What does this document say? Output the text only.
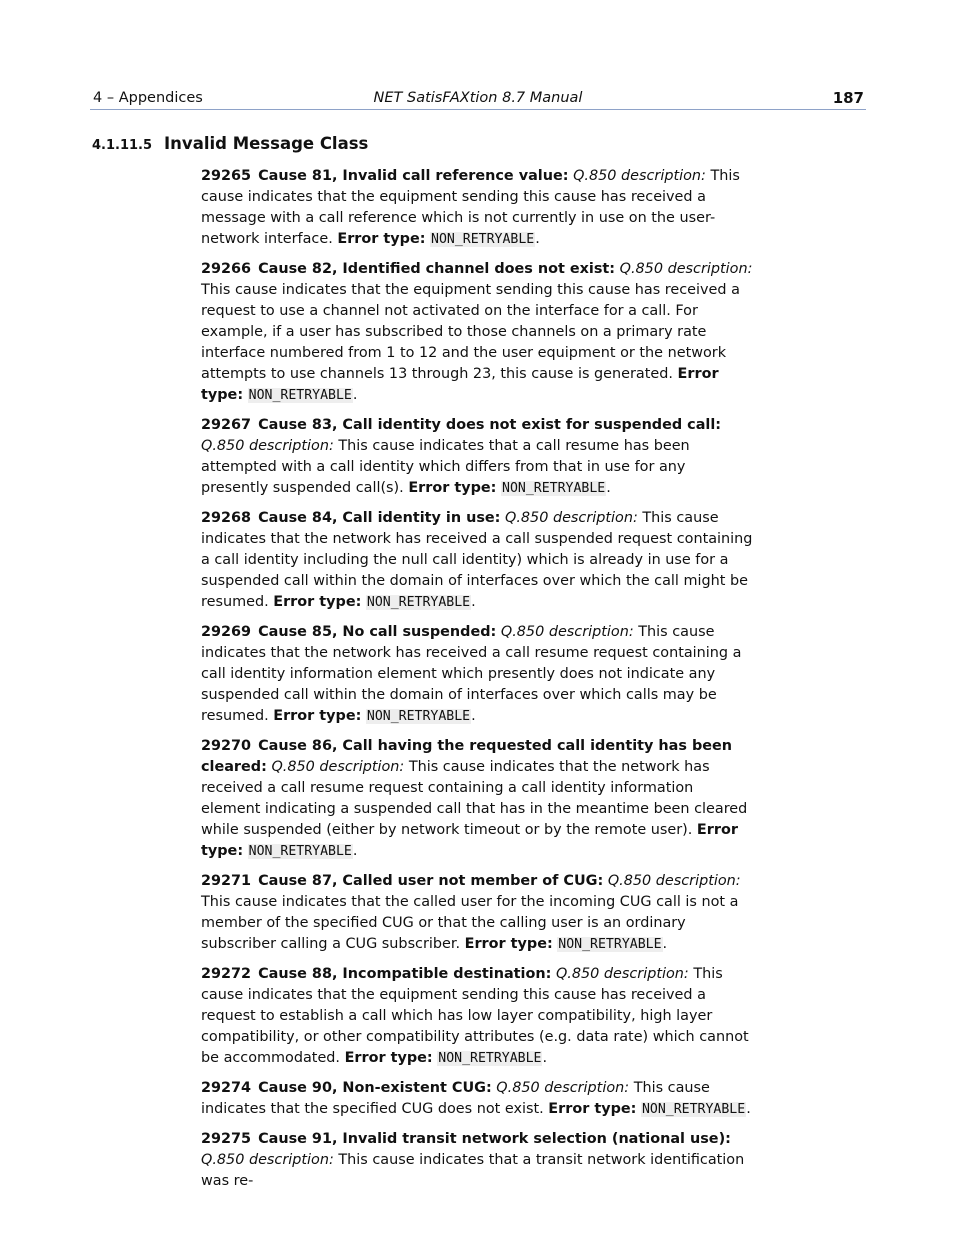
4 – Appendices	NET SatisFAXtion 8.7 Manual	187
4.1.11.5 Invalid Message Class

29265 Cause 81, Invalid call reference value: Q.850 description: This cause indicates that the equipment sending this cause has received a message with a call reference which is not currently in use on the user-network interface. Error type: NON_RETRYABLE.

29266 Cause 82, Identified channel does not exist: Q.850 description: This cause indicates that the equipment sending this cause has received a request to use a channel not activated on the interface for a call. For example, if a user has subscribed to those channels on a primary rate interface numbered from 1 to 12 and the user equipment or the network attempts to use channels 13 through 23, this cause is generated. Error type: NON_RETRYABLE.

29267 Cause 83, Call identity does not exist for suspended call: Q.850 description: This cause indicates that a call resume has been attempted with a call identity which differs from that in use for any presently suspended call(s). Error type: NON_RETRYABLE.

29268 Cause 84, Call identity in use: Q.850 description: This cause indicates that the network has received a call suspended request containing a call identity including the null call identity) which is already in use for a suspended call within the domain of interfaces over which the call might be resumed. Error type: NON_RETRYABLE.

29269 Cause 85, No call suspended: Q.850 description: This cause indicates that the network has received a call resume request containing a call identity information element which presently does not indicate any suspended call within the domain of interfaces over which calls may be resumed. Error type: NON_RETRYABLE.

29270 Cause 86, Call having the requested call identity has been cleared: Q.850 description: This cause indicates that the network has received a call resume request containing a call identity information element indicating a suspended call that has in the meantime been cleared while suspended (either by network timeout or by the remote user). Error type: NON_RETRYABLE.

29271 Cause 87, Called user not member of CUG: Q.850 description: This cause indicates that the called user for the incoming CUG call is not a member of the specified CUG or that the calling user is an ordinary subscriber calling a CUG subscriber. Error type: NON_RETRYABLE.

29272 Cause 88, Incompatible destination: Q.850 description: This cause indicates that the equipment sending this cause has received a request to establish a call which has low layer compatibility, high layer compatibility, or other compatibility attributes (e.g. data rate) which cannot be accommodated. Error type: NON_RETRYABLE.

29274 Cause 90, Non-existent CUG: Q.850 description: This cause indicates that the specified CUG does not exist. Error type: NON_RETRYABLE.

29275 Cause 91, Invalid transit network selection (national use): Q.850 description: This cause indicates that a transit network identification was re-
